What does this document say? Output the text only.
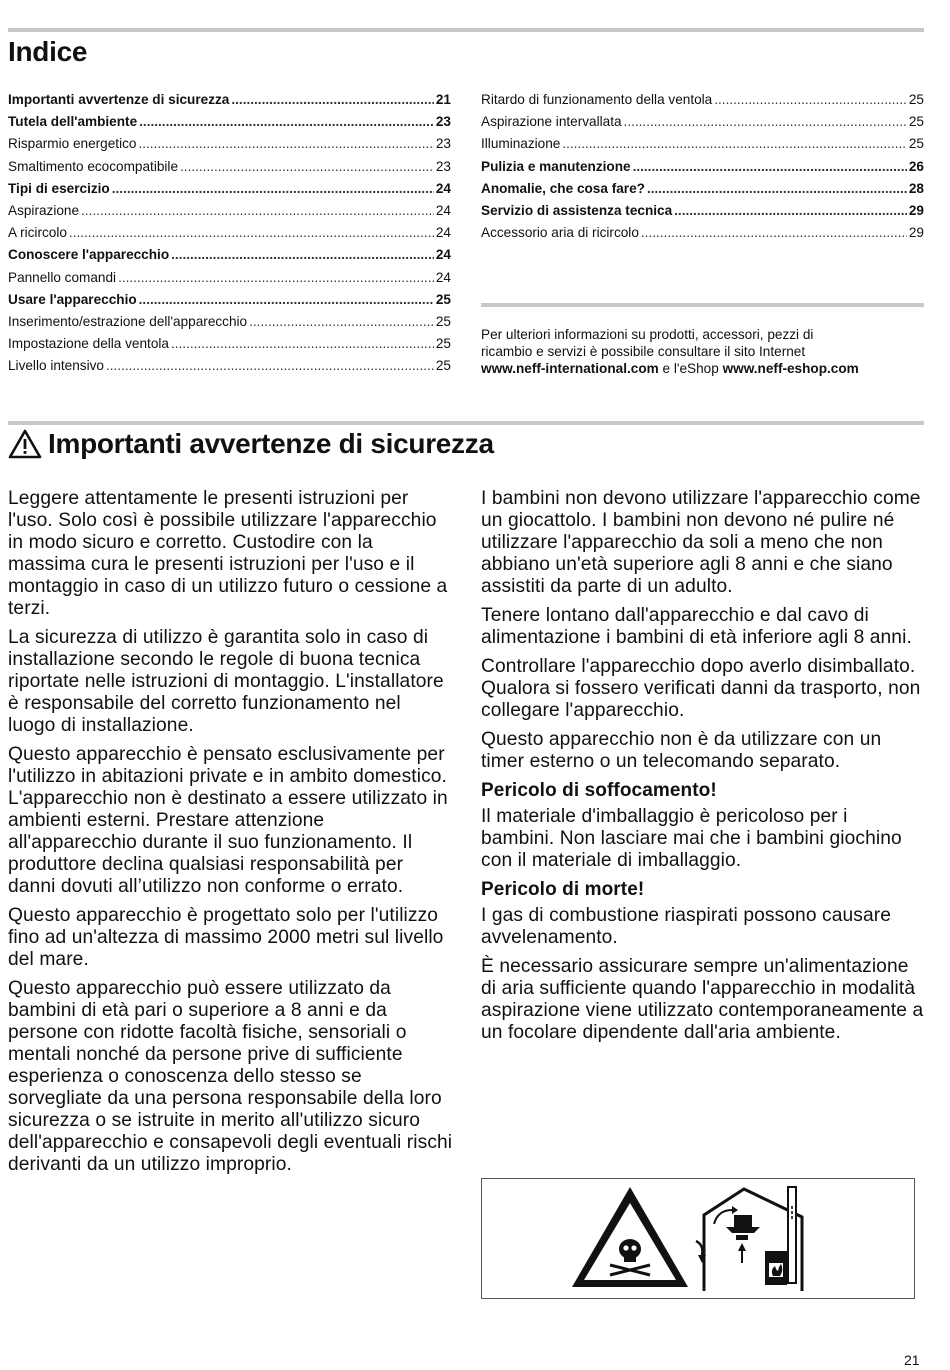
Indice
Importanti avvertenze di sicurezza .....	21
Tutela dell'ambiente .....	23
Risparmio energetico .....	23
Smaltimento ecocompatibile .....	23
Tipi di esercizio .....	24
Aspirazione .....	24
A ricircolo .....	24
Conoscere l'apparecchio .....	24
Pannello comandi .....	24
Usare l'apparecchio .....	25
Inserimento/estrazione dell'apparecchio .....	25
Impostazione della ventola .....	25
Livello intensivo .....	25
Ritardo di funzionamento della ventola .....	25
Aspirazione intervallata .....	25
Illuminazione .....	25
Pulizia e manutenzione .....	26
Anomalie, che cosa fare? .....	28
Servizio di assistenza tecnica .....	29
Accessorio aria di ricircolo .....	29
Per ulteriori informazioni su prodotti, accessori, pezzi di
ricambio e servizi è possibile consultare il sito Internet
www.neff-international.com e l'eShop www.neff-eshop.com
Importanti avvertenze di sicurezza

Leggere attentamente le presenti istruzioni per l'uso. Solo così è possibile utilizzare l'apparecchio in modo sicuro e corretto. Custodire con la massima cura le presenti istruzioni per l'uso e il montaggio in caso di un utilizzo futuro o cessione a terzi.

La sicurezza di utilizzo è garantita solo in caso di installazione secondo le regole di buona tecnica riportate nelle istruzioni di montaggio. L'installatore è responsabile del corretto funzionamento nel luogo di installazione.

Questo apparecchio è pensato esclusivamente per l'utilizzo in abitazioni private e in ambito domestico. L'apparecchio non è destinato a essere utilizzato in ambienti esterni. Prestare attenzione all'apparecchio durante il suo funzionamento. Il produttore declina qualsiasi responsabilità per danni dovuti all’utilizzo non conforme o errato.

Questo apparecchio è progettato solo per l'utilizzo fino ad un'altezza di massimo 2000 metri sul livello del mare.

Questo apparecchio può essere utilizzato da bambini di età pari o superiore a 8 anni e da persone con ridotte facoltà fisiche, sensoriali o mentali nonché da persone prive di sufficiente esperienza o conoscenza dello stesso se sorvegliate da una persona responsabile della loro sicurezza o se istruite in merito all'utilizzo sicuro dell'apparecchio e consapevoli degli eventuali rischi derivanti da un utilizzo improprio.

I bambini non devono utilizzare l'apparecchio come un giocattolo. I bambini non devono né pulire né utilizzare l'apparecchio da soli a meno che non abbiano un'età superiore agli 8 anni e che siano assistiti da parte di un adulto.

Tenere lontano dall'apparecchio e dal cavo di alimentazione i bambini di età inferiore agli 8 anni.

Controllare l'apparecchio dopo averlo disimballato. Qualora si fossero verificati danni da trasporto, non collegare l'apparecchio.

Questo apparecchio non è da utilizzare con un timer esterno o un telecomando separato.

Pericolo di soffocamento!

Il materiale d'imballaggio è pericoloso per i bambini. Non lasciare mai che i bambini giochino con il materiale di imballaggio.

Pericolo di morte!

I gas di combustione riaspirati possono causare avvelenamento.

È necessario assicurare sempre un'alimentazione di aria sufficiente quando l'apparecchio in modalità aspirazione viene utilizzato contemporaneamente a un focolare dipendente dall'aria ambiente.

21
